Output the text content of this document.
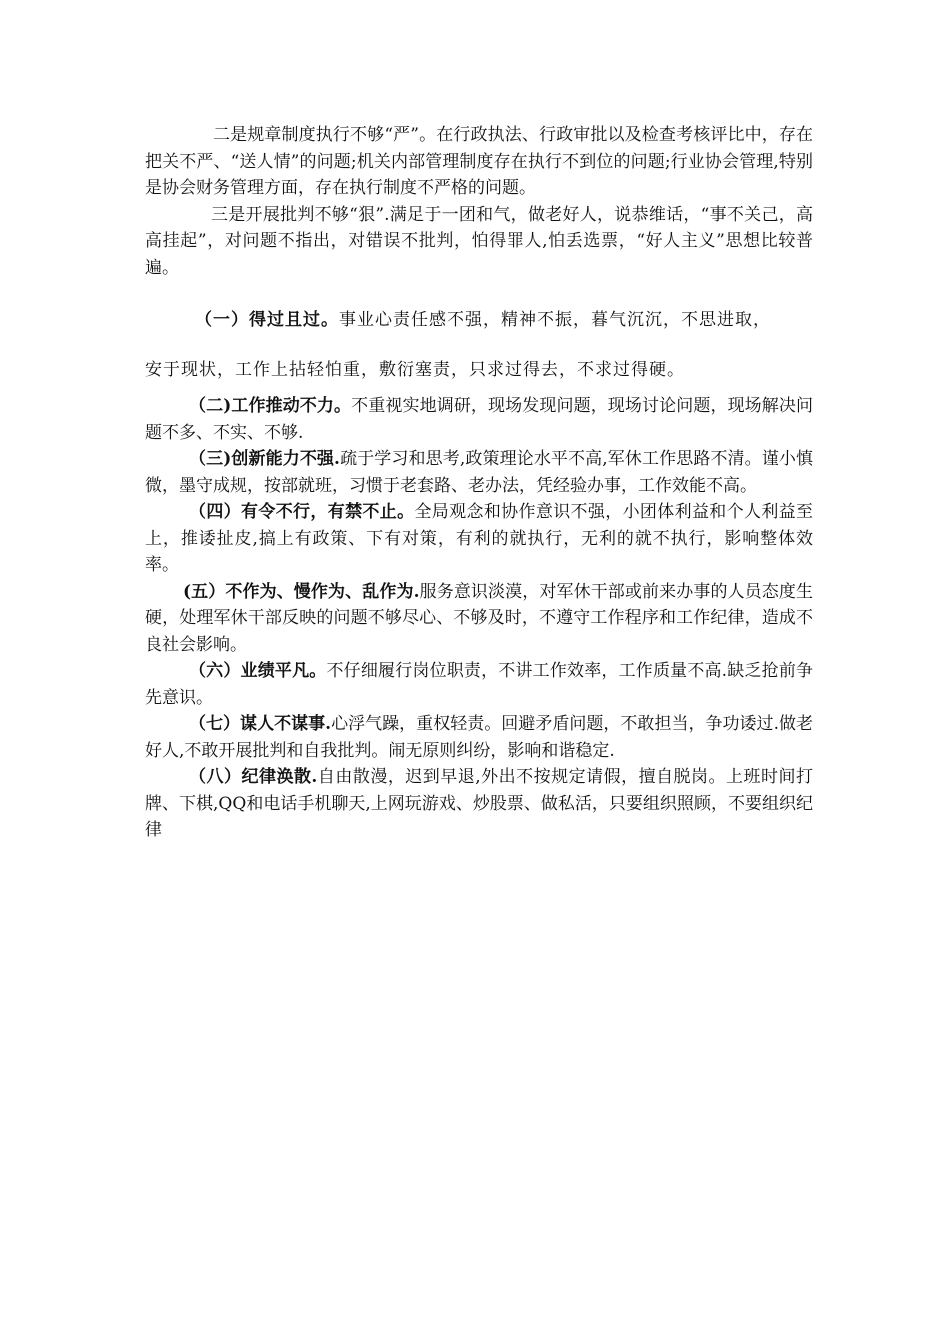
二是规章制度执行不够“严”。在行政执法、行政审批以及检查考核评比中，存在把关不严、“送人情”的问题;机关内部管理制度存在执行不到位的问题;行业协会管理,特别是协会财务管理方面，存在执行制度不严格的问题。

三是开展批判不够“狠”.满足于一团和气，做老好人，说恭维话，“事不关己，高高挂起”，对问题不指出，对错误不批判，怕得罪人,怕丢选票，“好人主义”思想比较普遍。

（一）得过且过。事业心责任感不强，精神不振，暮气沉沉，不思进取，

安于现状，工作上拈轻怕重，敷衍塞责，只求过得去，不求过得硬。

（二)工作推动不力。不重视实地调研，现场发现问题，现场讨论问题，现场解决问题不多、不实、不够.

（三)创新能力不强.疏于学习和思考,政策理论水平不高,军休工作思路不清。谨小慎微，墨守成规，按部就班，习惯于老套路、老办法，凭经验办事，工作效能不高。

（四）有令不行，有禁不止。全局观念和协作意识不强，小团体利益和个人利益至上，推诿扯皮,搞上有政策、下有对策，有利的就执行，无利的就不执行，影响整体效率。

(五）不作为、慢作为、乱作为.服务意识淡漠，对军休干部或前来办事的人员态度生硬，处理军休干部反映的问题不够尽心、不够及时，不遵守工作程序和工作纪律，造成不良社会影响。

（六）业绩平凡。不仔细履行岗位职责，不讲工作效率，工作质量不高.缺乏抢前争先意识。

（七）谋人不谋事.心浮气躁，重权轻责。回避矛盾问题，不敢担当，争功诿过.做老好人,不敢开展批判和自我批判。闹无原则纠纷，影响和谐稳定.

（八）纪律涣散.自由散漫，迟到早退,外出不按规定请假，擅自脱岗。上班时间打牌、下棋,QQ和电话手机聊天,上网玩游戏、炒股票、做私活，只要组织照顾，不要组织纪律
